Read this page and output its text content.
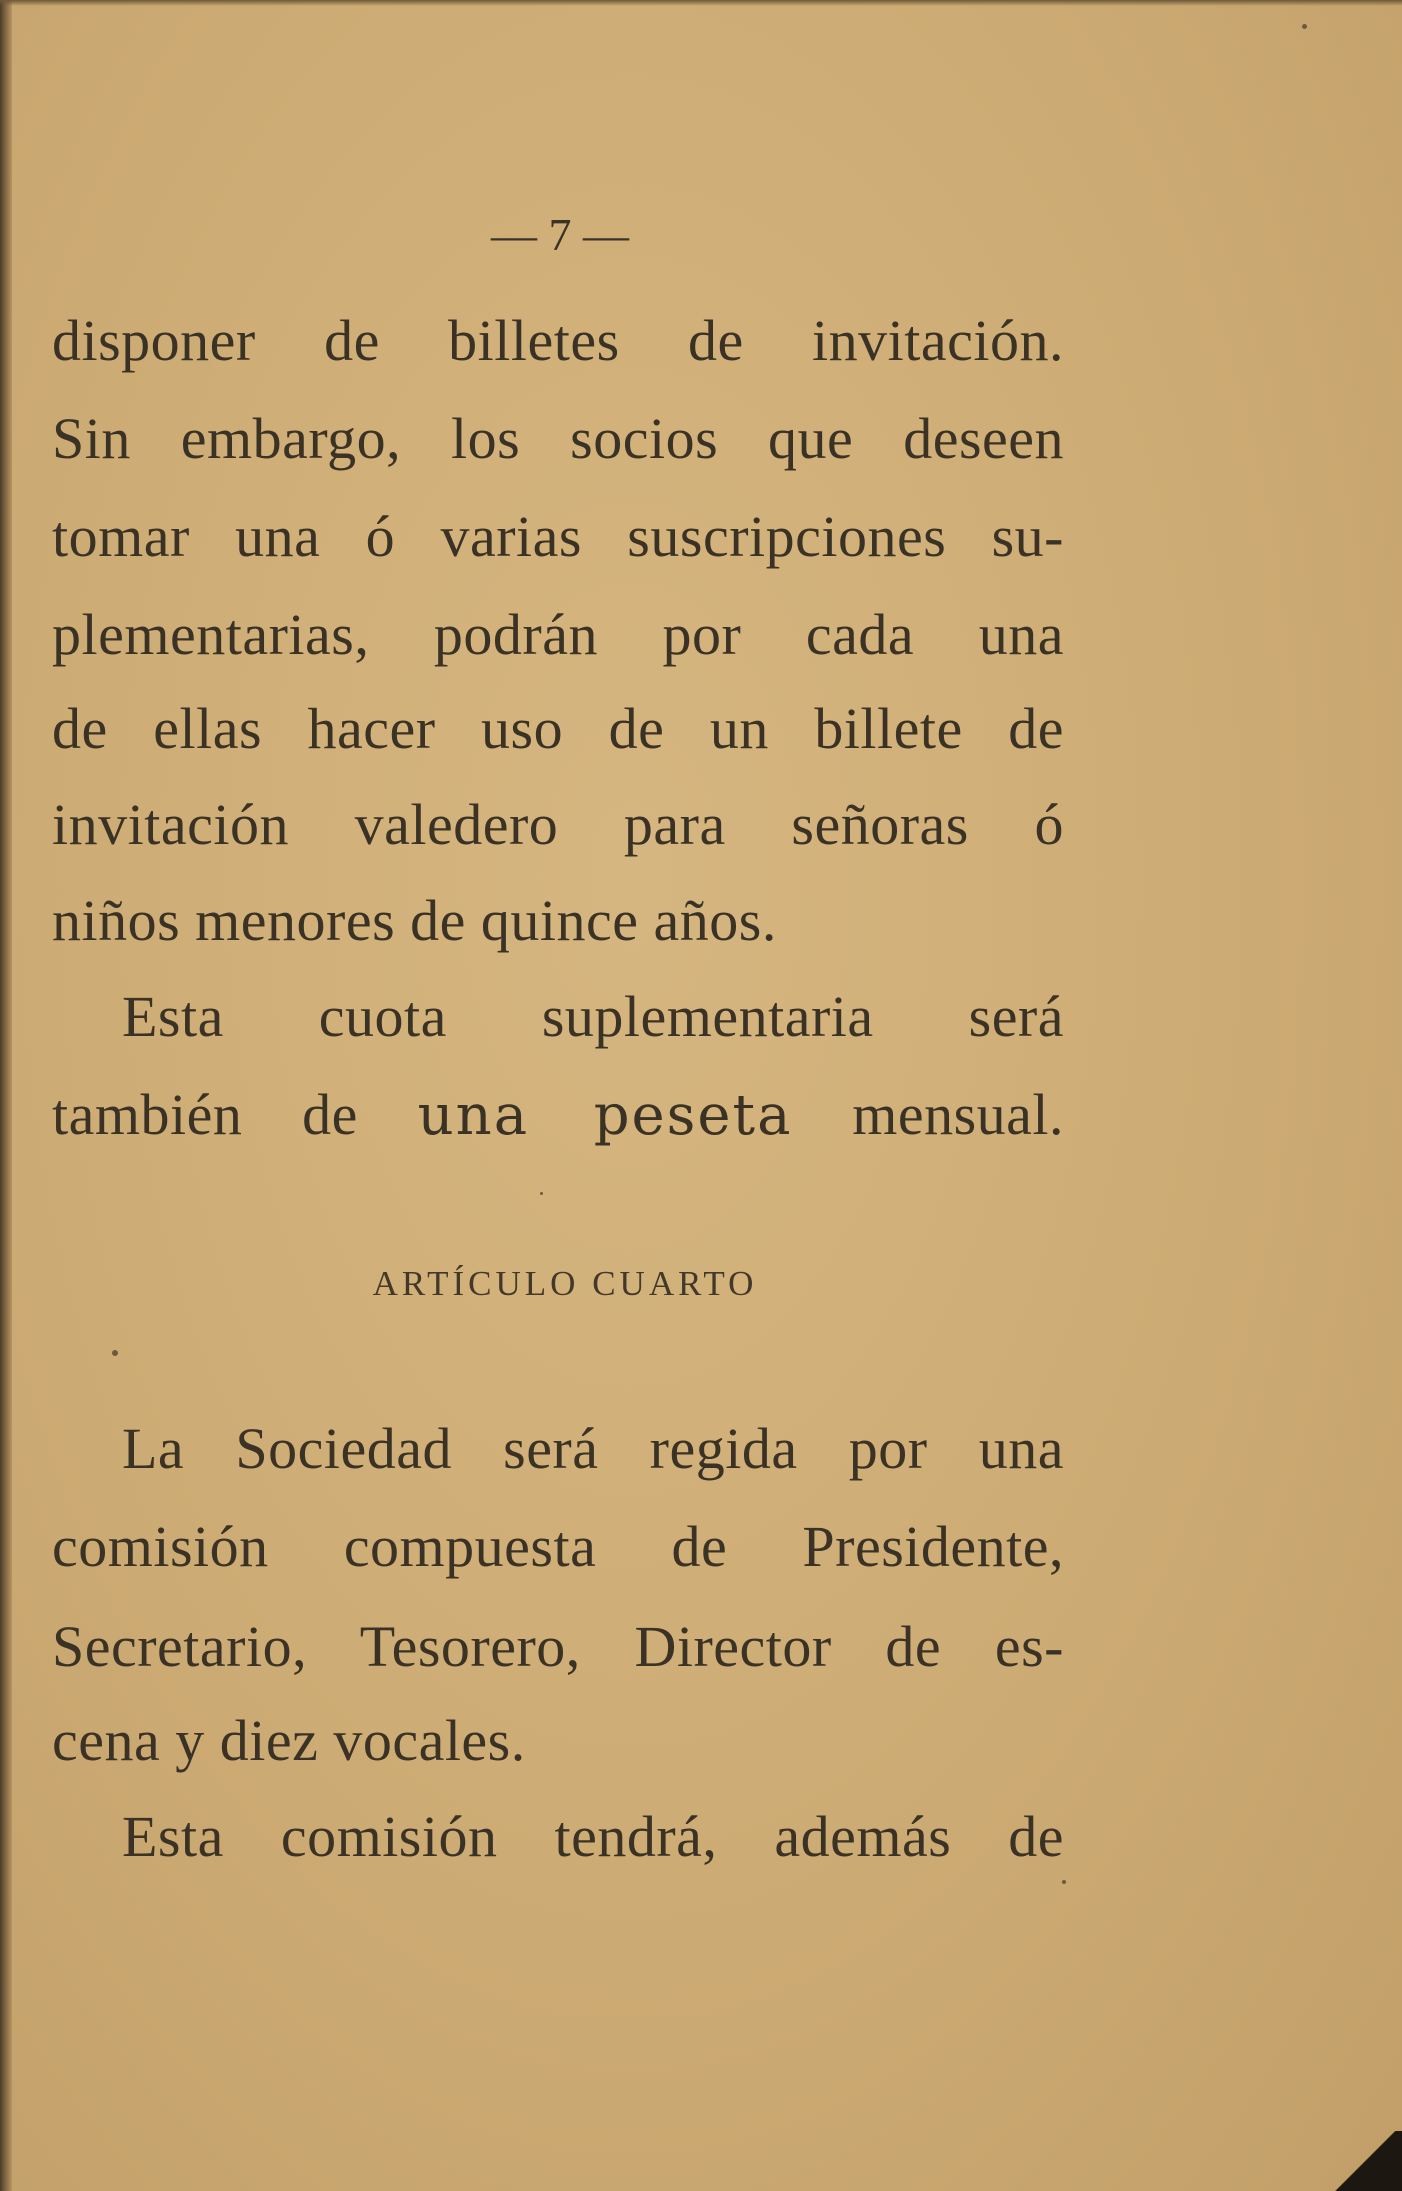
— 7 —
disponer de billetes de invitación.
Sin embargo, los socios que deseen
tomar una ó varias suscripciones su-
plementarias, podrán por cada una
de ellas hacer uso de un billete de
invitación valedero para señoras ó
niños menores de quince años.
Esta cuota suplementaria será
también de una peseta mensual.
ARTÍCULO CUARTO
La Sociedad será regida por una
comisión compuesta de Presidente,
Secretario, Tesorero, Director de es-
cena y diez vocales.
Esta comisión tendrá, además de
